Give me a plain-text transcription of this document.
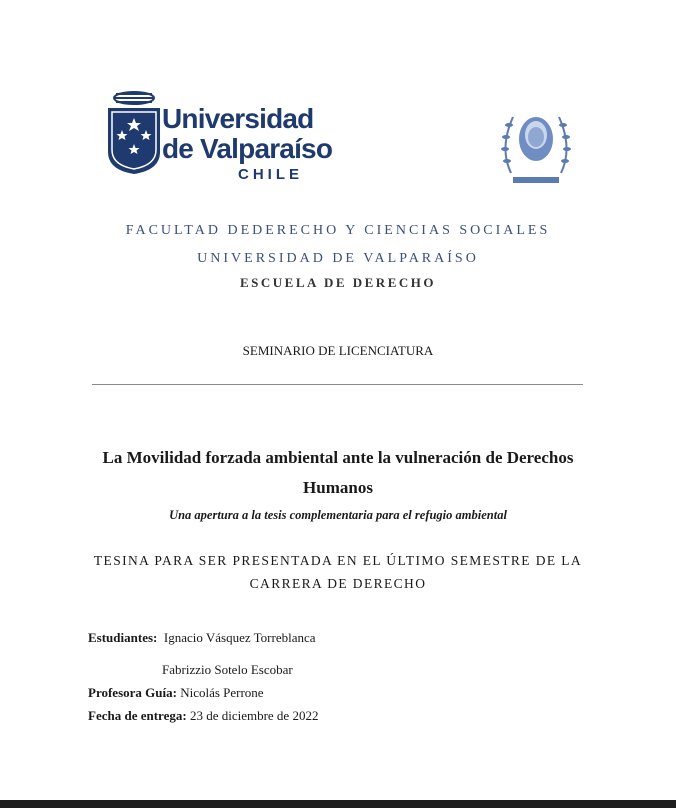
Universidad
de Valparaíso
CHILE
FACULTAD DEDERECHO Y CIENCIAS SOCIALES
UNIVERSIDAD DE VALPARAÍSO
ESCUELA DE DERECHO
SEMINARIO DE LICENCIATURA
La Movilidad forzada ambiental ante la vulneración de Derechos
Humanos
Una apertura a la tesis complementaria para el refugio ambiental
TESINA PARA SER PRESENTADA EN EL ÚLTIMO SEMESTRE DE LA
CARRERA DE DERECHO
Estudiantes: Ignacio Vásquez Torreblanca
Fabrizzio Sotelo Escobar
Profesora Guía: Nicolás Perrone
Fecha de entrega: 23 de diciembre de 2022
